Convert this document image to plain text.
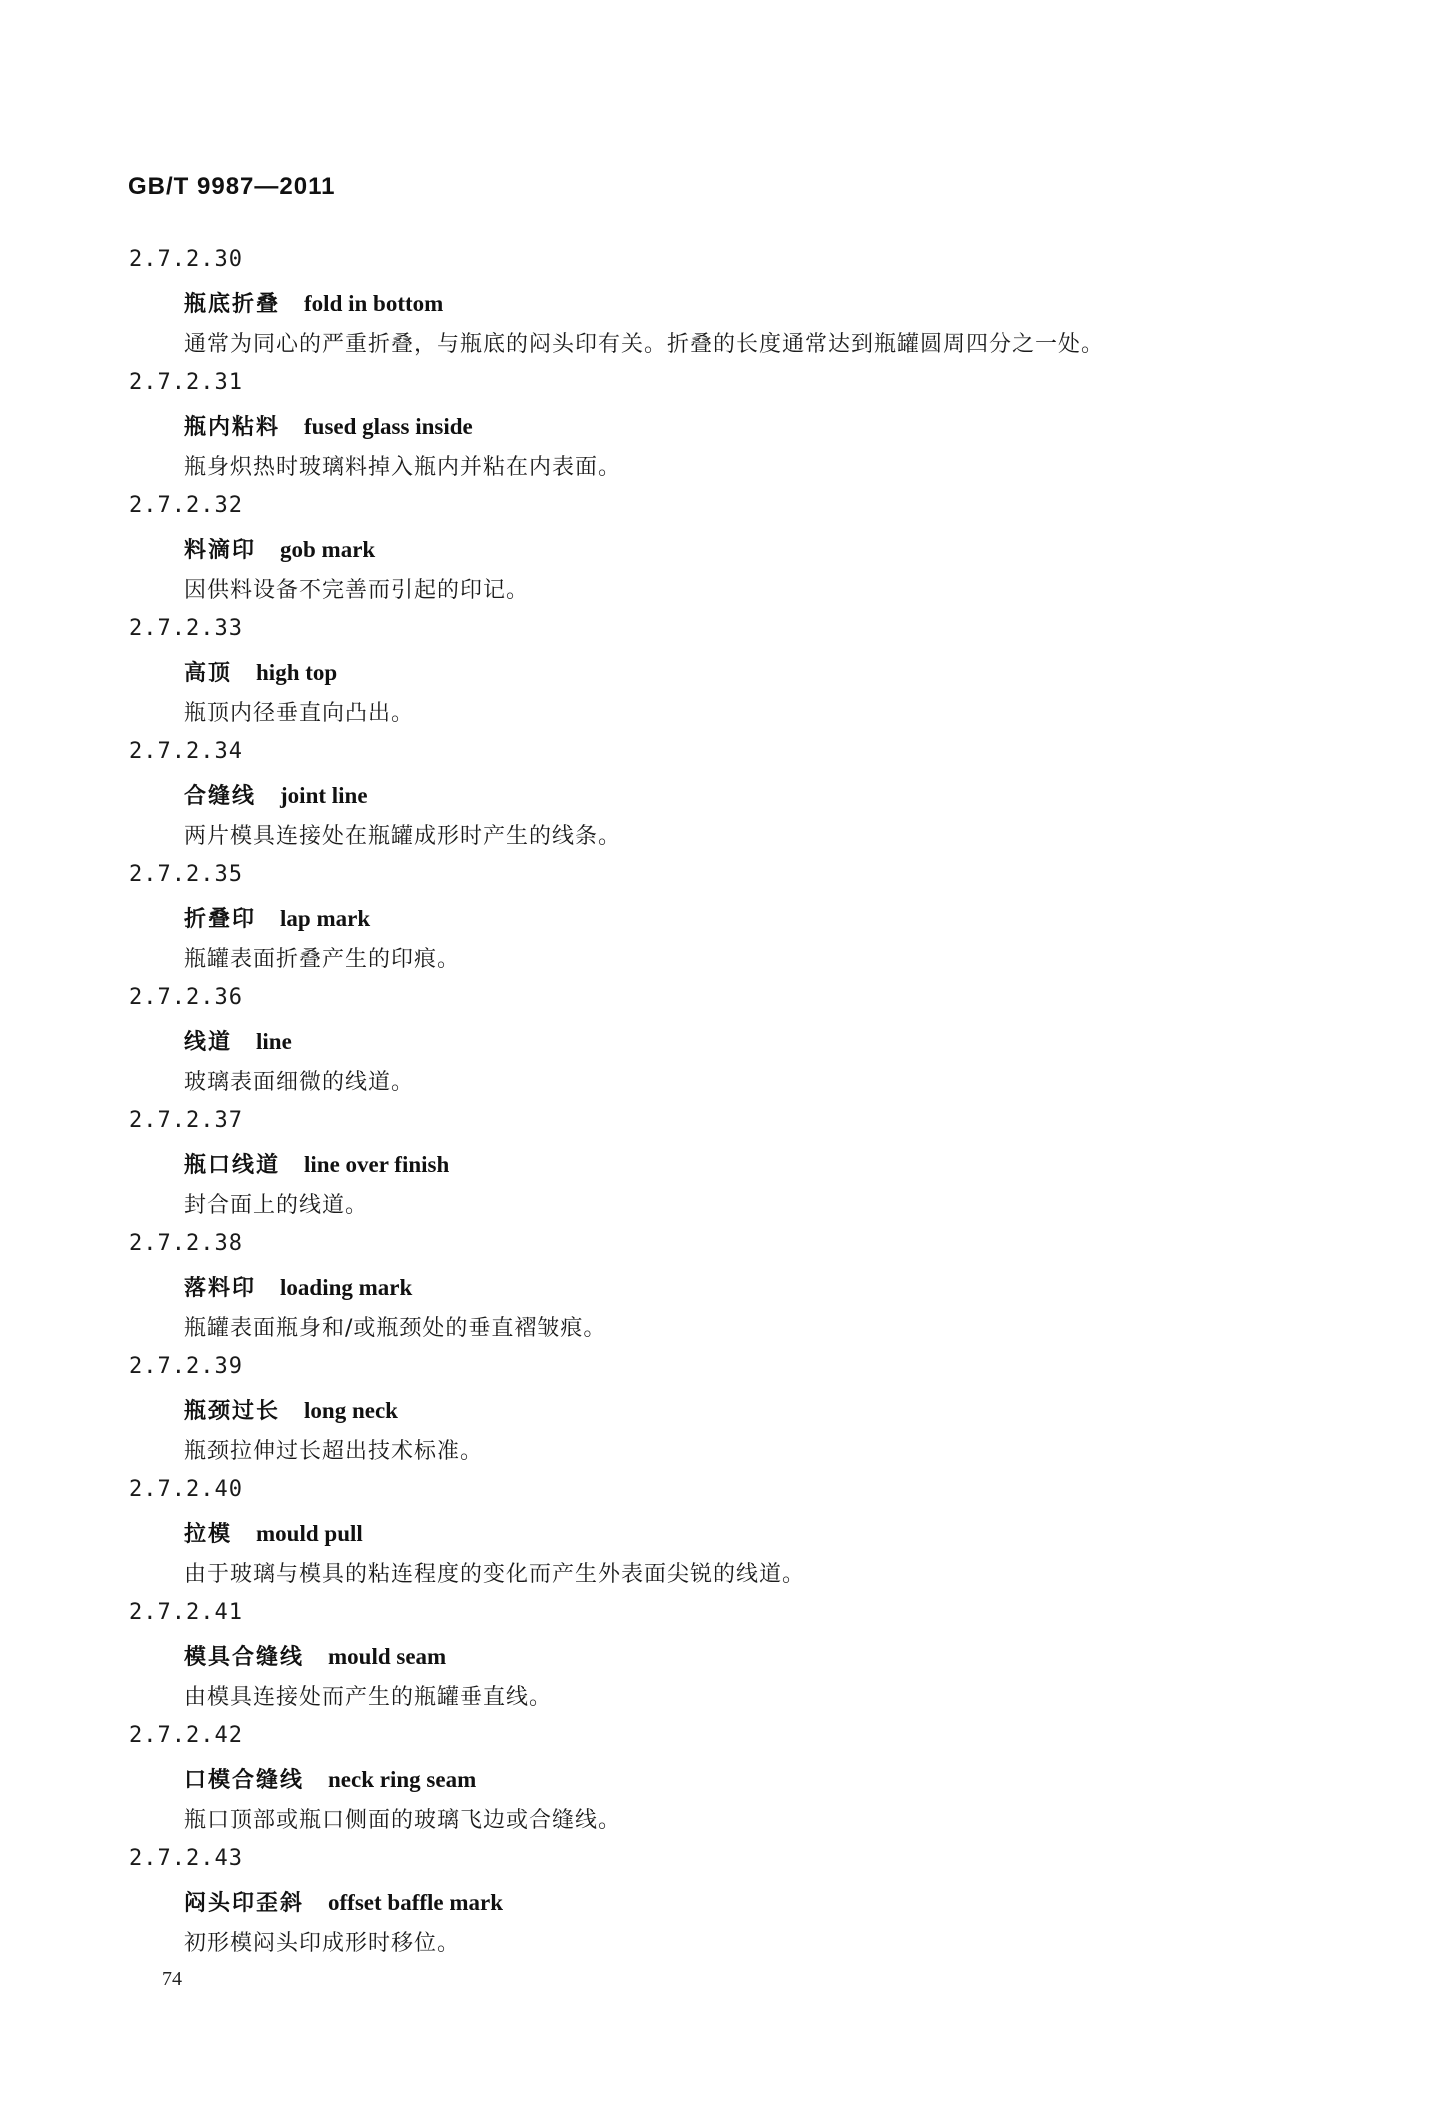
GB/T 9987—2011
2.7.2.30
瓶底折叠 fold in bottom
通常为同心的严重折叠，与瓶底的闷头印有关。折叠的长度通常达到瓶罐圆周四分之一处。
2.7.2.31
瓶内粘料 fused glass inside
瓶身炽热时玻璃料掉入瓶内并粘在内表面。
2.7.2.32
料滴印 gob mark
因供料设备不完善而引起的印记。
2.7.2.33
高顶 high top
瓶顶内径垂直向凸出。
2.7.2.34
合缝线 joint line
两片模具连接处在瓶罐成形时产生的线条。
2.7.2.35
折叠印 lap mark
瓶罐表面折叠产生的印痕。
2.7.2.36
线道 line
玻璃表面细微的线道。
2.7.2.37
瓶口线道 line over finish
封合面上的线道。
2.7.2.38
落料印 loading mark
瓶罐表面瓶身和/或瓶颈处的垂直褶皱痕。
2.7.2.39
瓶颈过长 long neck
瓶颈拉伸过长超出技术标准。
2.7.2.40
拉模 mould pull
由于玻璃与模具的粘连程度的变化而产生外表面尖锐的线道。
2.7.2.41
模具合缝线 mould seam
由模具连接处而产生的瓶罐垂直线。
2.7.2.42
口模合缝线 neck ring seam
瓶口顶部或瓶口侧面的玻璃飞边或合缝线。
2.7.2.43
闷头印歪斜 offset baffle mark
初形模闷头印成形时移位。
74
